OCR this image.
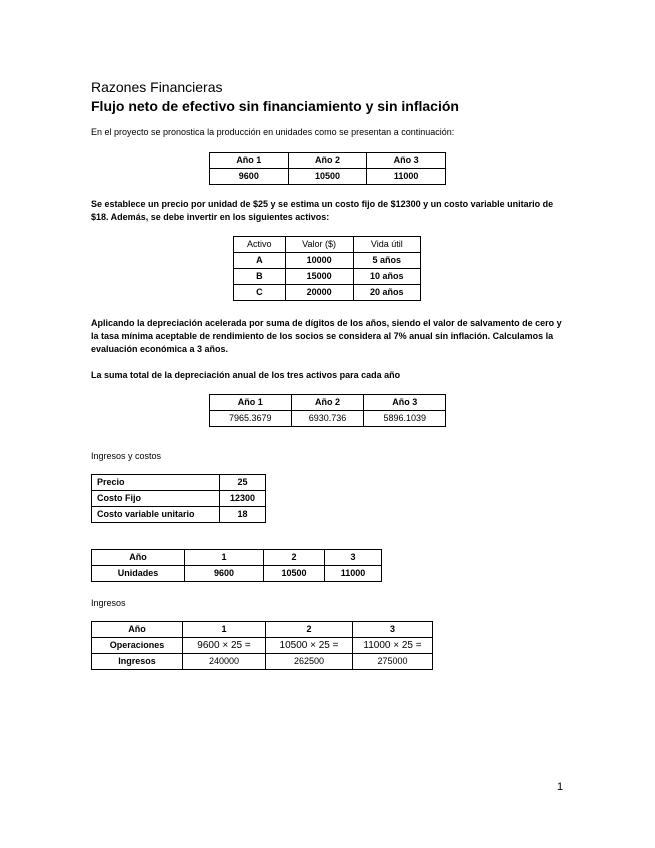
Razones Financieras
Flujo neto de efectivo sin financiamiento y sin inflación
En el proyecto se pronostica la producción en unidades como se presentan a continuación:
Año 1	Año 2	Año 3
9600	10500	11000
Se establece un precio por unidad de $25 y se estima un costo fijo de $12300 y un costo variable unitario de $18. Además, se debe invertir en los siguientes activos:
Activo	Valor ($)	Vida útil
A	10000	5 años
B	15000	10 años
C	20000	20 años
Aplicando la depreciación acelerada por suma de dígitos de los años, siendo el valor de salvamento de cero y la tasa mínima aceptable de rendimiento de los socios se considera al 7% anual sin inflación. Calculamos la evaluación económica a 3 años.
La suma total de la depreciación anual de los tres activos para cada año
Año 1	Año 2	Año 3
7965.3679	6930.736	5896.1039
Ingresos y costos
Precio	25
Costo Fijo	12300
Costo variable unitario	18
Año	1	2	3
Unidades	9600	10500	11000
Ingresos
Año	1	2	3
Operaciones	9600 × 25 =	10500 × 25 =	11000 × 25 =
Ingresos	240000	262500	275000
1
